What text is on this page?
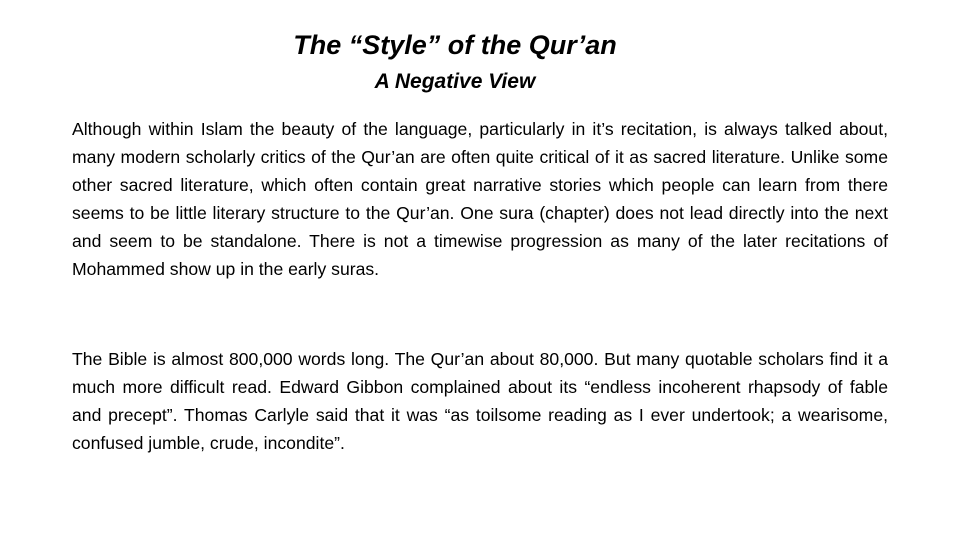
The “Style” of the Qur’an
A Negative View

Although within Islam the beauty of the language, particularly in it’s recitation, is always talked about, many modern scholarly critics of the Qur’an are often quite critical of it as sacred literature. Unlike some other sacred literature, which often contain great narrative stories which people can learn from there seems to be little literary structure to the Qur’an. One sura (chapter) does not lead directly into the next and seem to be standalone. There is not a timewise progression as many of the later recitations of Mohammed show up in the early suras.

The Bible is almost 800,000 words long. The Qur’an about 80,000. But many quotable scholars find it a much more difficult read. Edward Gibbon complained about its “endless incoherent rhapsody of fable and precept”. Thomas Carlyle said that it was “as toilsome reading as I ever undertook; a wearisome, confused jumble, crude, incondite”.
